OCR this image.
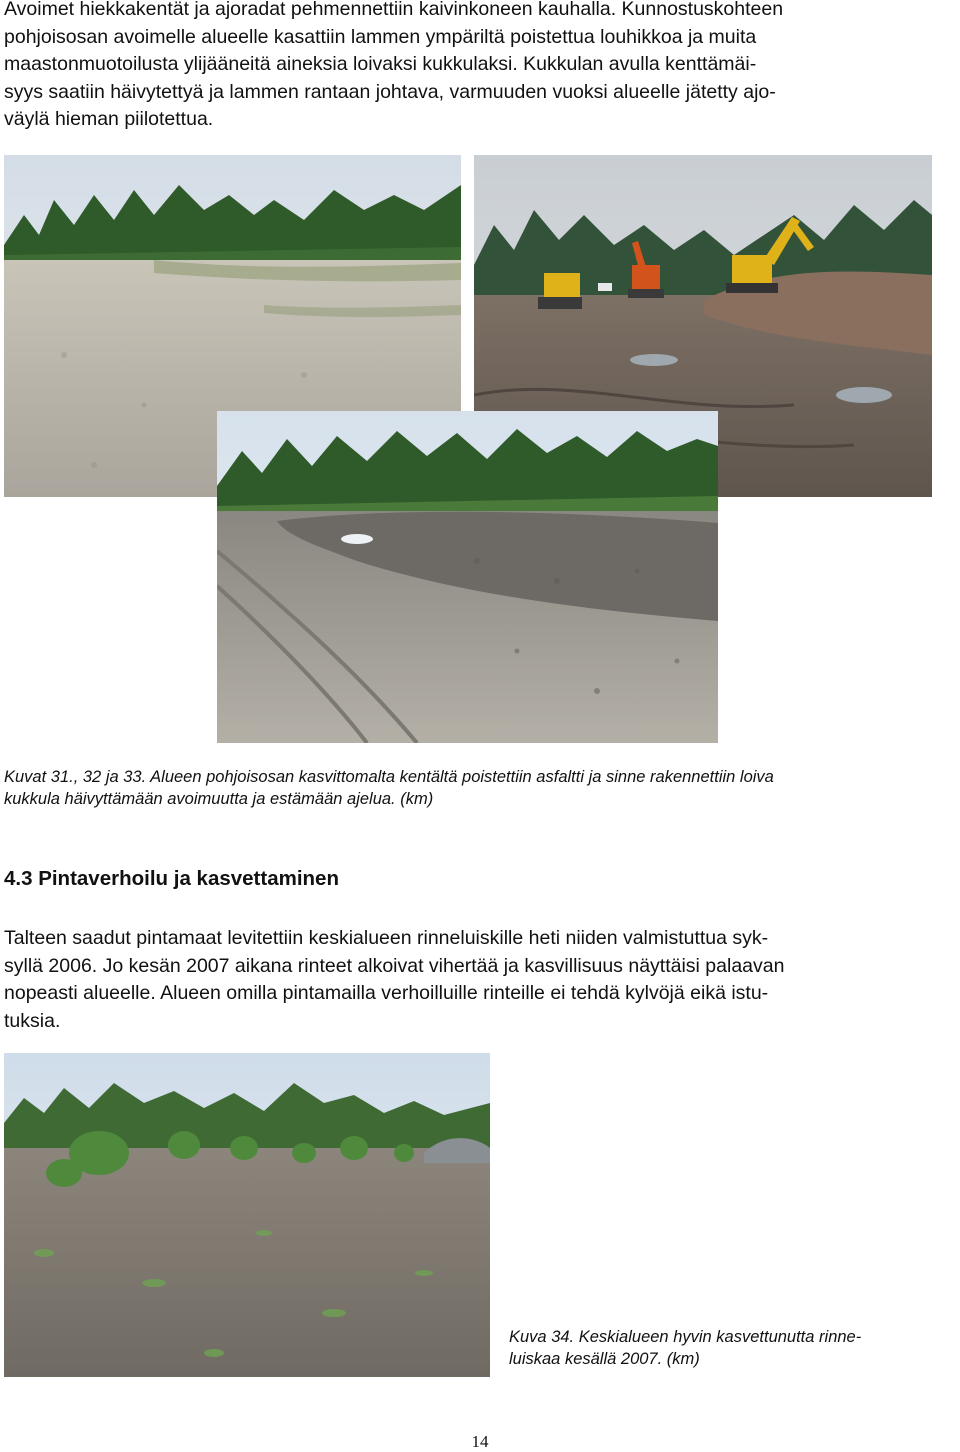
Avoimet hiekkakentät ja ajoradat pehmennettiin kaivinkoneen kauhalla. Kunnostuskohteen
pohjoisosan avoimelle alueelle kasattiin lammen ympäriltä poistettua louhikkoa ja muita
maastonmuotoilusta ylijääneitä aineksia loivaksi kukkulaksi. Kukkulan avulla kenttämäi-
syys saatiin häivytettyä ja lammen rantaan johtava, varmuuden vuoksi alueelle jätetty ajo-
väylä hieman piilotettua.
Kuvat 31., 32 ja 33. Alueen pohjoisosan kasvittomalta kentältä poistettiin asfaltti ja sinne rakennettiin loiva
kukkula häivyttämään avoimuutta ja estämään ajelua. (km)
4.3 Pintaverhoilu ja kasvettaminen
Talteen saadut pintamaat levitettiin keskialueen rinneluiskille heti niiden valmistuttua syk-
syllä 2006. Jo kesän 2007 aikana rinteet alkoivat vihertää ja kasvillisuus näyttäisi palaavan
nopeasti alueelle. Alueen omilla pintamailla verhoilluille rinteille ei tehdä kylvöjä eikä istu-
tuksia.
Kuva 34. Keskialueen hyvin kasvettunutta rinne-
luiskaa kesällä 2007. (km)
14
